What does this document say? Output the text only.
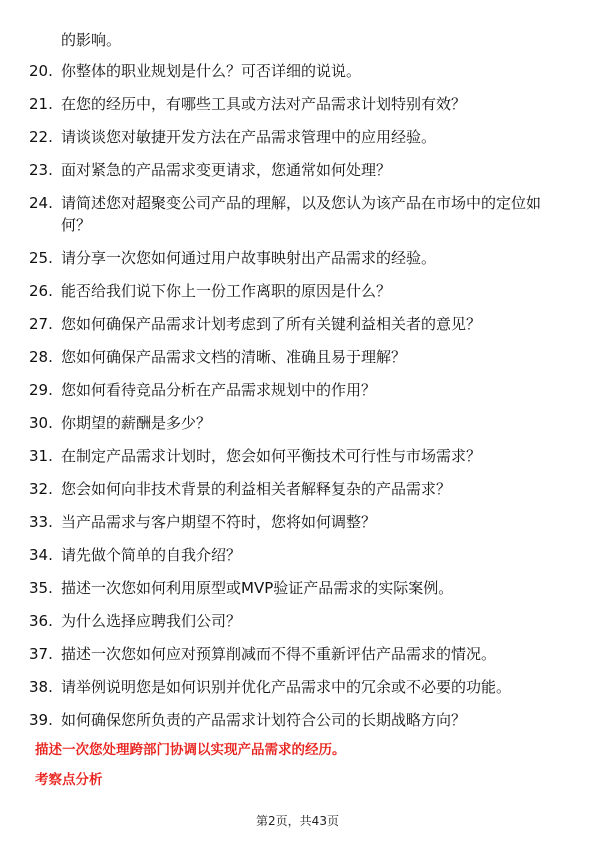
的影响。
20. 你整体的职业规划是什么？可否详细的说说。
21. 在您的经历中，有哪些工具或方法对产品需求计划特别有效？
22. 请谈谈您对敏捷开发方法在产品需求管理中的应用经验。
23. 面对紧急的产品需求变更请求，您通常如何处理？
24. 请简述您对超聚变公司产品的理解，以及您认为该产品在市场中的定位如何？
25. 请分享一次您如何通过用户故事映射出产品需求的经验。
26. 能否给我们说下你上一份工作离职的原因是什么？
27. 您如何确保产品需求计划考虑到了所有关键利益相关者的意见？
28. 您如何确保产品需求文档的清晰、准确且易于理解？
29. 您如何看待竞品分析在产品需求规划中的作用？
30. 你期望的薪酬是多少？
31. 在制定产品需求计划时，您会如何平衡技术可行性与市场需求？
32. 您会如何向非技术背景的利益相关者解释复杂的产品需求？
33. 当产品需求与客户期望不符时，您将如何调整？
34. 请先做个简单的自我介绍？
35. 描述一次您如何利用原型或MVP验证产品需求的实际案例。
36. 为什么选择应聘我们公司？
37. 描述一次您如何应对预算削减而不得不重新评估产品需求的情况。
38. 请举例说明您是如何识别并优化产品需求中的冗余或不必要的功能。
39. 如何确保您所负责的产品需求计划符合公司的长期战略方向？
描述一次您处理跨部门协调以实现产品需求的经历。
考察点分析
第2页，共43页
